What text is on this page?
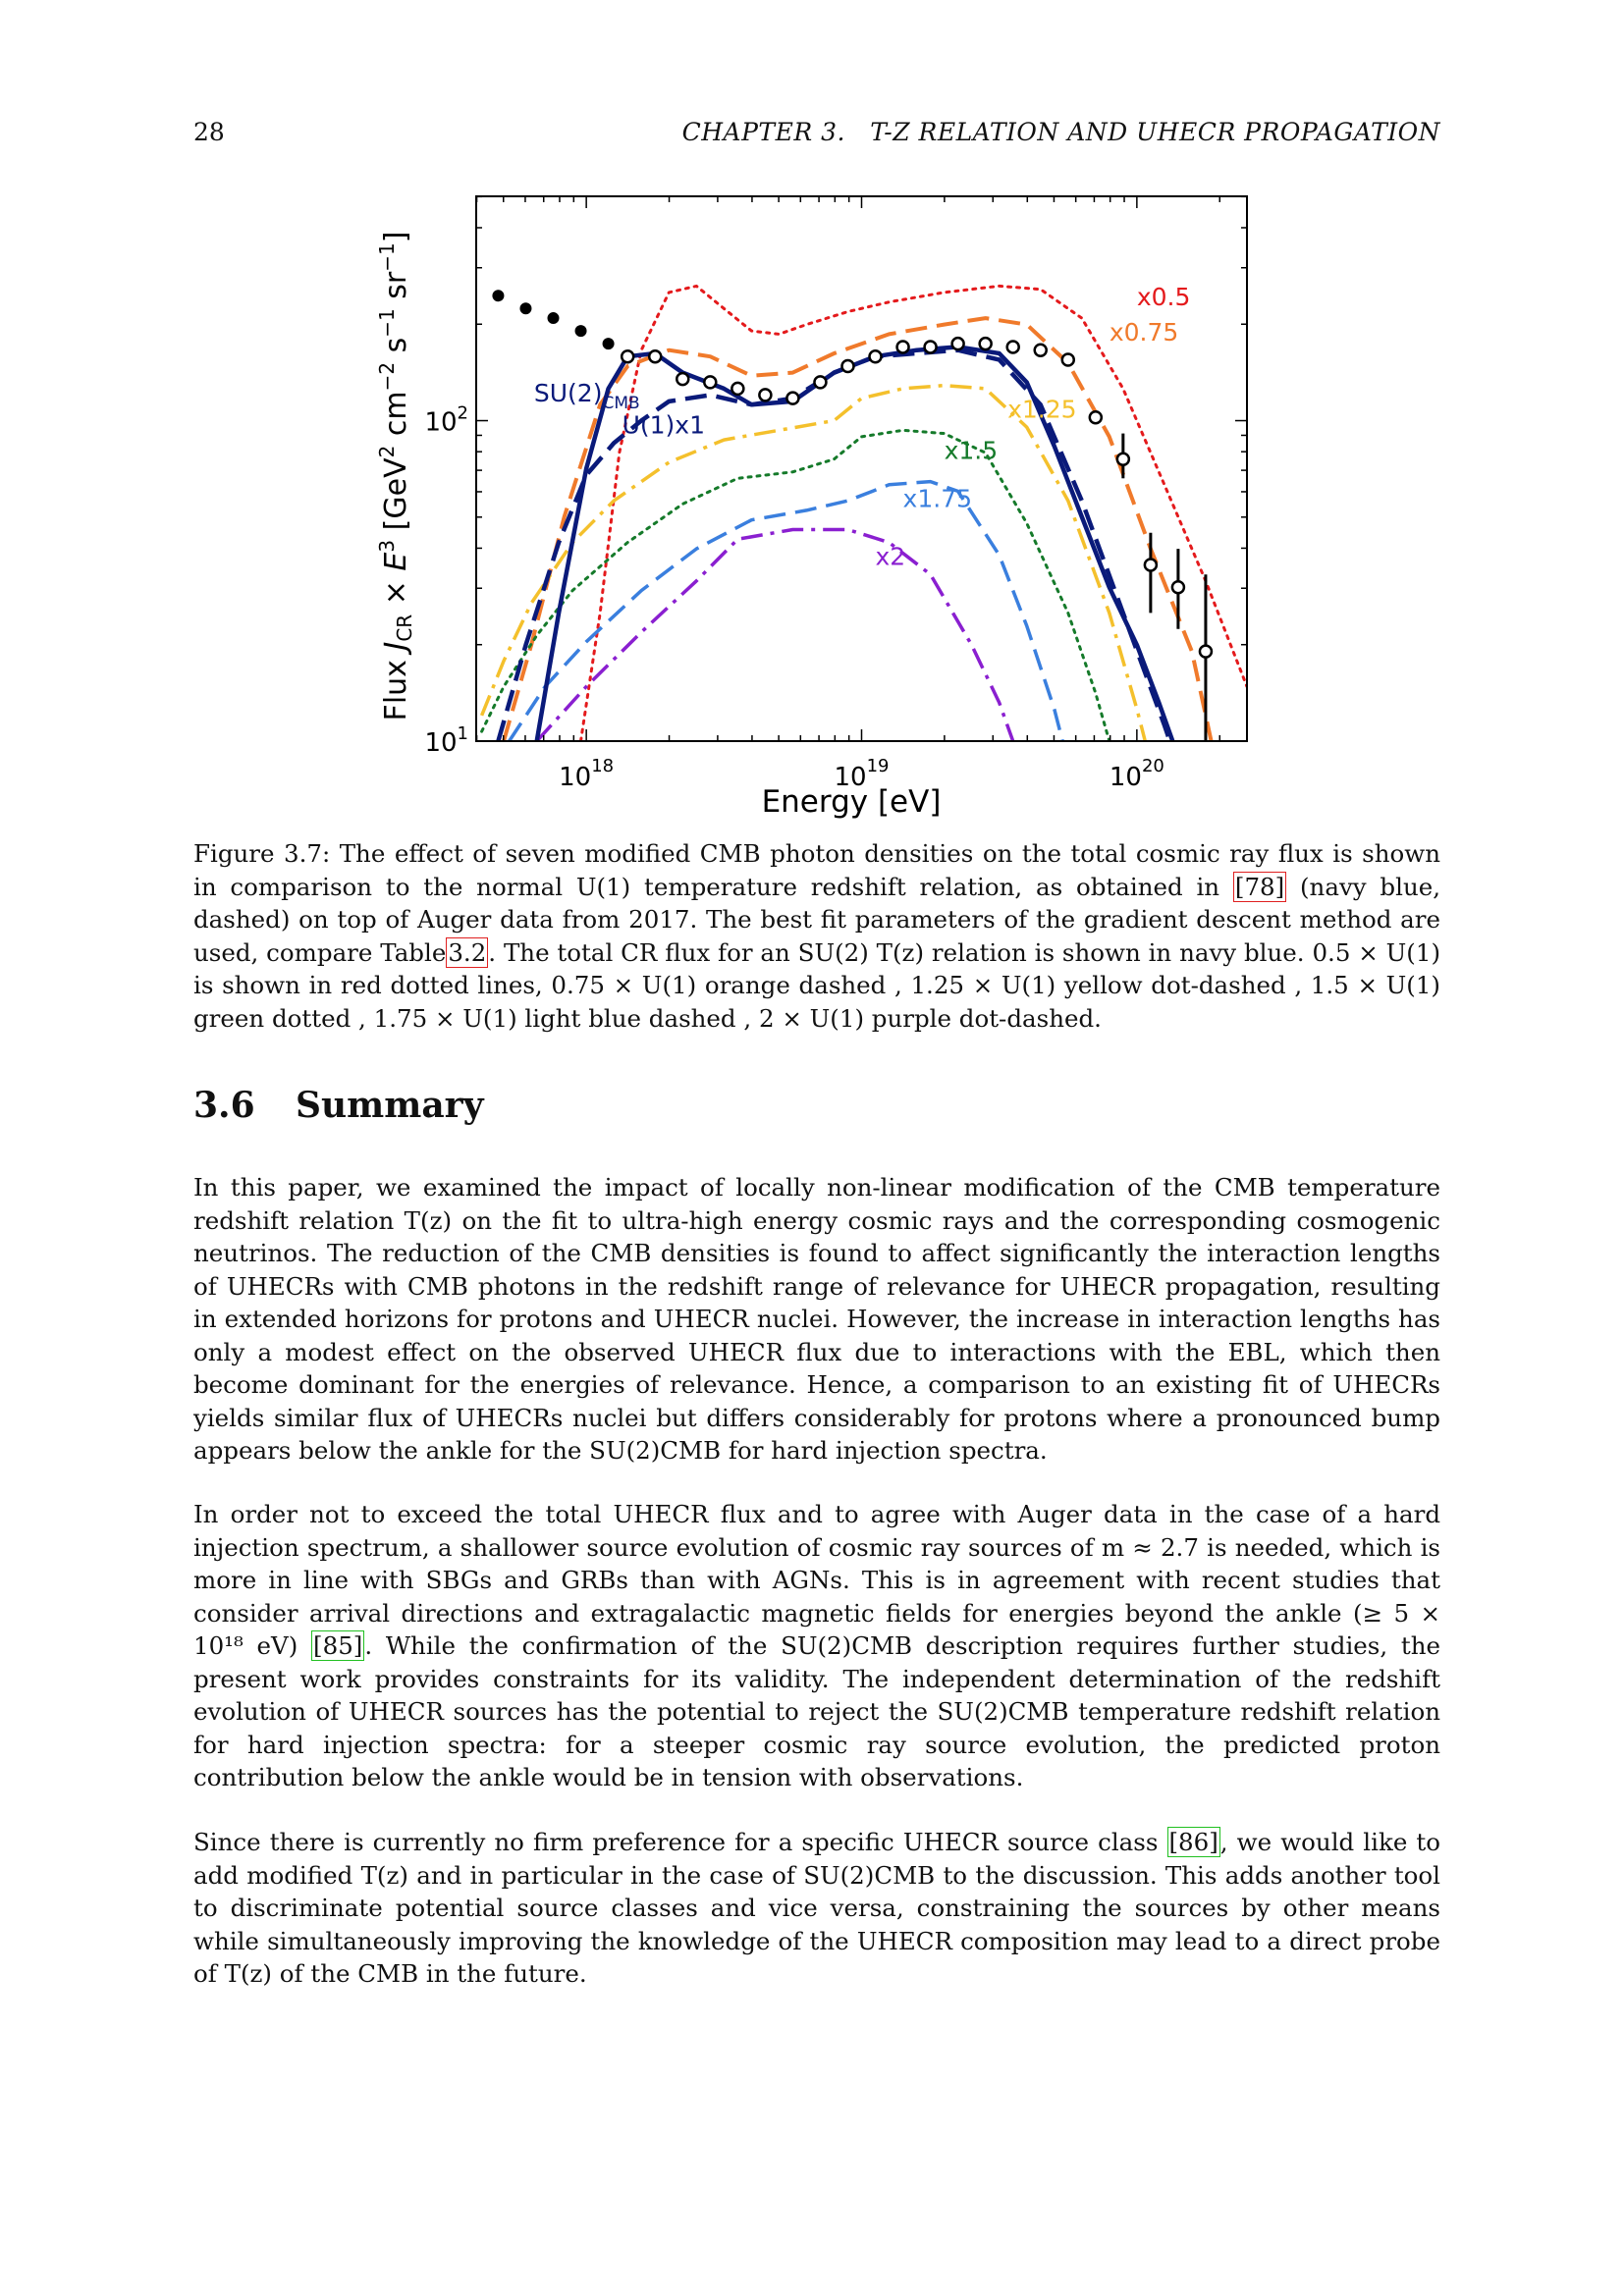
28	CHAPTER 3.   T-Z RELATION AND UHECR PROPAGATION
$10^{18}$	$10^{19}$	$10^{20}$
$10^1$
$10^2$
x0.5
x0.75
x1.25
x1.5
x1.75
x2
U(1)x1
$SU(2)_{CMB}$
Energy [eV]
Flux $J_{CR} \times E^3$ [GeV$^2$ $cm^{-2}$ $s^{-1}$ $sr^{-1}$]
Figure 3.7: The effect of seven modified CMB photon densities on the total cosmic ray flux is shown in comparison to the normal U(1) temperature redshift relation, as obtained in [78] (navy blue, dashed) on top of Auger data from 2017. The best fit parameters of the gradient descent method are used, compare Table3.2. The total CR flux for an SU(2) T(z) relation is shown in navy blue. 0.5 × U(1) is shown in red dotted lines, 0.75 × U(1) orange dashed , 1.25 × U(1) yellow dot-dashed , 1.5 × U(1) green dotted , 1.75 × U(1) light blue dashed , 2 × U(1) purple dot-dashed.
3.6 Summary
In this paper, we examined the impact of locally non-linear modification of the CMB temperature redshift relation T(z) on the fit to ultra-high energy cosmic rays and the corresponding cosmogenic neutrinos. The reduction of the CMB densities is found to affect significantly the interaction lengths of UHECRs with CMB photons in the redshift range of relevance for UHECR propagation, resulting in extended horizons for protons and UHECR nuclei. However, the increase in interaction lengths has only a modest effect on the observed UHECR flux due to interactions with the EBL, which then become dominant for the energies of relevance. Hence, a comparison to an existing fit of UHECRs yields similar flux of UHECRs nuclei but differs considerably for protons where a pronounced bump appears below the ankle for the SU(2)CMB for hard injection spectra.
In order not to exceed the total UHECR flux and to agree with Auger data in the case of a hard injection spectrum, a shallower source evolution of cosmic ray sources of m ≈ 2.7 is needed, which is more in line with SBGs and GRBs than with AGNs. This is in agreement with recent studies that consider arrival directions and extragalactic magnetic fields for energies beyond the ankle (≥ 5 × 10¹⁸ eV) [85]. While the confirmation of the SU(2)CMB description requires further studies, the present work provides constraints for its validity. The independent determination of the redshift evolution of UHECR sources has the potential to reject the SU(2)CMB temperature redshift relation for hard injection spectra: for a steeper cosmic ray source evolution, the predicted proton contribution below the ankle would be in tension with observations.
Since there is currently no firm preference for a specific UHECR source class [86], we would like to add modified T(z) and in particular in the case of SU(2)CMB to the discussion. This adds another tool to discriminate potential source classes and vice versa, constraining the sources by other means while simultaneously improving the knowledge of the UHECR composition may lead to a direct probe of T(z) of the CMB in the future.
